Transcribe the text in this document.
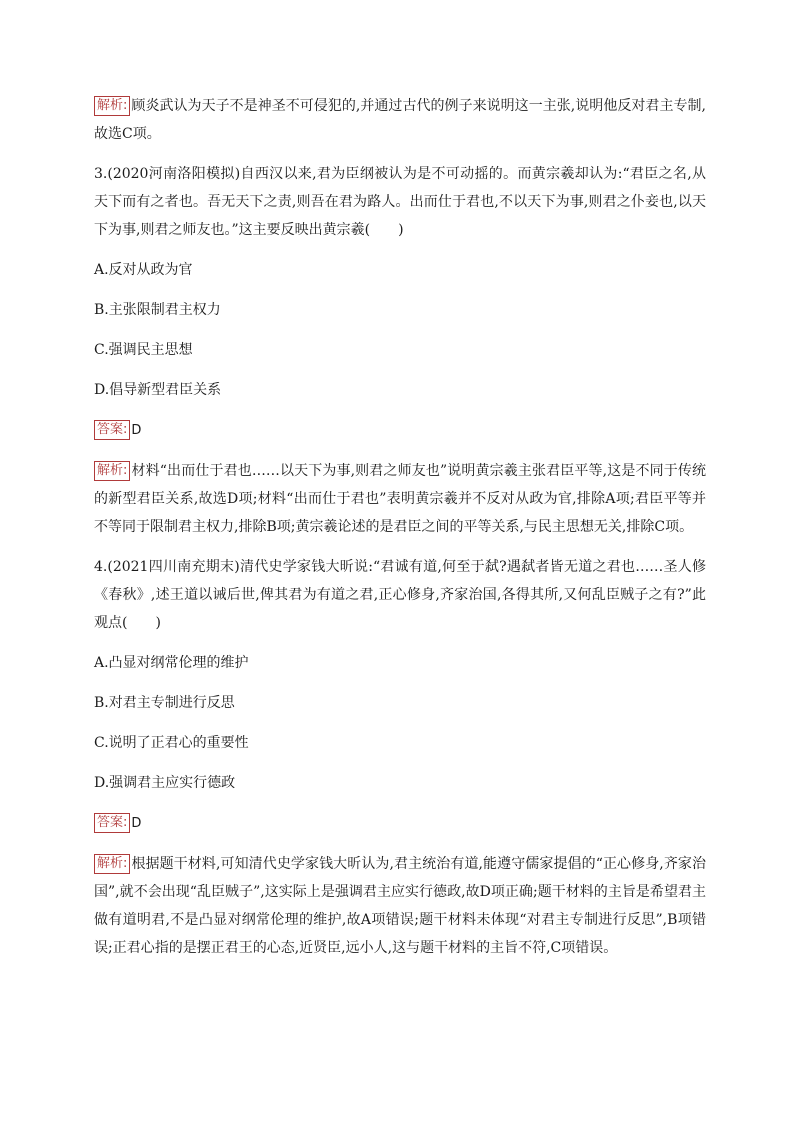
解析: 顾炎武认为天子不是神圣不可侵犯的,并通过古代的例子来说明这一主张,说明他反对君主专制,故选C项。

3.(2020河南洛阳模拟)自西汉以来,君为臣纲被认为是不可动摇的。而黄宗羲却认为:“君臣之名,从天下而有之者也。吾无天下之责,则吾在君为路人。出而仕于君也,不以天下为事,则君之仆妾也,以天下为事,则君之师友也。”这主要反映出黄宗羲(　　)

A.反对从政为官

B.主张限制君主权力

C.强调民主思想

D.倡导新型君臣关系

答案: D

解析: 材料“出而仕于君也……以天下为事,则君之师友也”说明黄宗羲主张君臣平等,这是不同于传统的新型君臣关系,故选D项;材料“出而仕于君也”表明黄宗羲并不反对从政为官,排除A项;君臣平等并不等同于限制君主权力,排除B项;黄宗羲论述的是君臣之间的平等关系,与民主思想无关,排除C项。

4.(2021四川南充期末)清代史学家钱大昕说:“君诚有道,何至于弑?遇弑者皆无道之君也……圣人修《春秋》,述王道以诫后世,俾其君为有道之君,正心修身,齐家治国,各得其所,又何乱臣贼子之有?”此观点(　　)

A.凸显对纲常伦理的维护

B.对君主专制进行反思

C.说明了正君心的重要性

D.强调君主应实行德政

答案: D

解析: 根据题干材料,可知清代史学家钱大昕认为,君主统治有道,能遵守儒家提倡的“正心修身,齐家治国”,就不会出现“乱臣贼子”,这实际上是强调君主应实行德政,故D项正确;题干材料的主旨是希望君主做有道明君,不是凸显对纲常伦理的维护,故A项错误;题干材料未体现“对君主专制进行反思”,B项错误;正君心指的是摆正君王的心态,近贤臣,远小人,这与题干材料的主旨不符,C项错误。
